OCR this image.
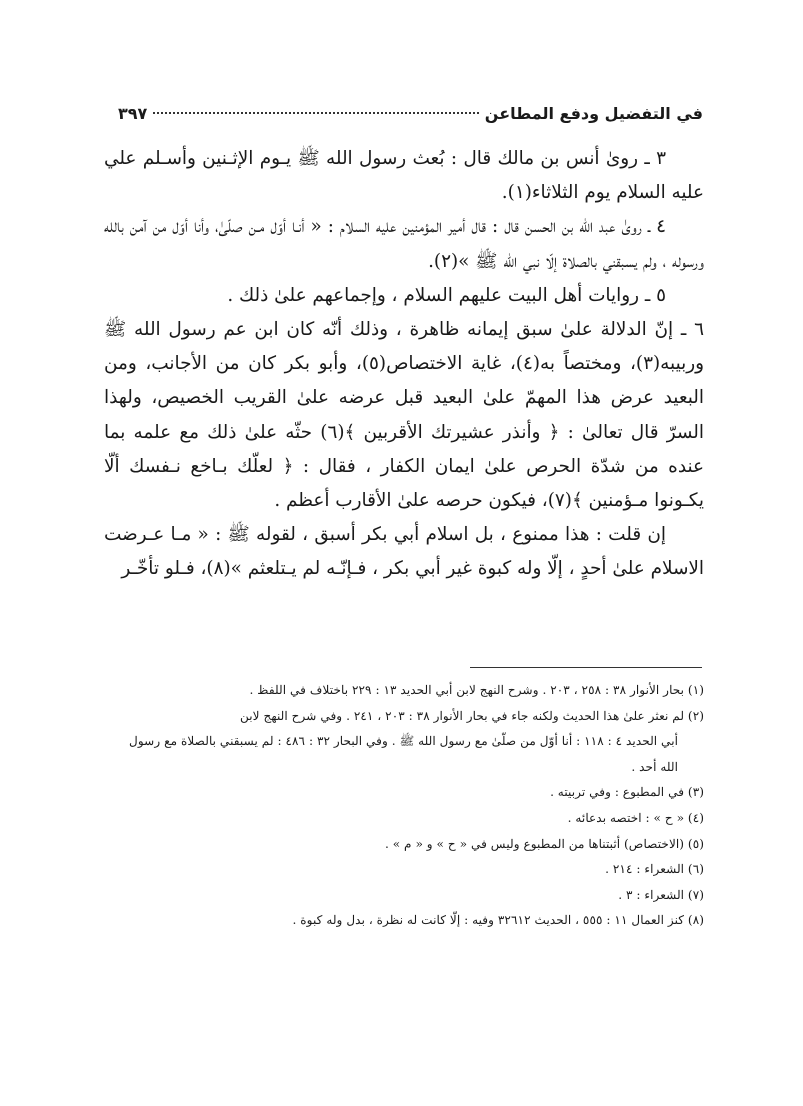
في التفضيل ودفع المطاعن
٣٩٧

٣ ـ رویٰ أنس بن مالك قال : بُعث رسول الله ﷺ يـوم الإثـنين وأسـلم علي علیه السلام يوم الثلاثاء(١).

٤ ـ رویٰ عبد الله بن الحسن قال : قال أمير المؤمنين علیه السلام : « أنـا أوّل مـن صلّیٰ، وأنا أوّل من آمن بالله ورسوله ، ولم يسبقني بالصلاة إلّا نبي الله ﷺ »(٢).

٥ ـ روايات أهل البيت علیهم السلام ، وإجماعهم علیٰ ذلك .

٦ ـ إنّ الدلالة علیٰ سبق إيمانه ظاهرة ، وذلك أنّه كان ابن عم رسول الله ﷺ وربيبه(٣)، ومختصاً به(٤)، غاية الاختصاص(٥)، وأبو بكر كان من الأجانب، ومن البعيد عرض هذا المهمّ علیٰ البعيد قبل عرضه علیٰ القريب الخصيص، ولهذا السرّ قال تعالیٰ : ﴿ وأنذر عشيرتك الأقربين ﴾(٦) حثّه علیٰ ذلك مع علمه بما عنده من شدّة الحرص علیٰ ايمان الكفار ، فقال : ﴿ لعلّك بـاخع نـفسك ألّا يكـونوا مـؤمنين ﴾(٧)، فيكون حرصه علیٰ الأقارب أعظم .

إن قلت : هذا ممنوع ، بل اسلام أبي بكر أسبق ، لقوله ﷺ : « مـا عـرضت الاسلام علیٰ أحدٍ ، إلّا وله كبوة غير أبي بكر ، فـإنّـه لم يـتلعثم »(٨)، فـلو تأخّـر

(١) بحار الأنوار ٣٨ : ٢٥٨ ، ٢٠٣ . وشرح النهج لابن أبي الحديد ١٣ : ٢٢٩ باختلاف في اللفظ .

(٢) لم نعثر علیٰ هذا الحديث ولكنه جاء في بحار الأنوار ٣٨ : ٢٠٣ ، ٢٤١ . وفي شرح النهج لابن

أبي الحديد ٤ : ١١٨ : أنا أوّل من صلّیٰ مع رسول الله ﷺ . وفي البحار ٣٢ : ٤٨٦ : لم يسبقني بالصلاة مع رسول الله أحد .

(٣) في المطبوع : وفي تربيته .

(٤) « ح » : اختصه بدعائه .

(٥) (الاختصاص) أثبتناها من المطبوع وليس في « ح » و « م » .

(٦) الشعراء : ٢١٤ .

(٧) الشعراء : ٣ .

(٨) كنز العمال ١١ : ٥٥٥ ، الحديث ٣٢٦١٢ وفيه : إلّا كانت له نظرة ، بدل وله كبوة .
